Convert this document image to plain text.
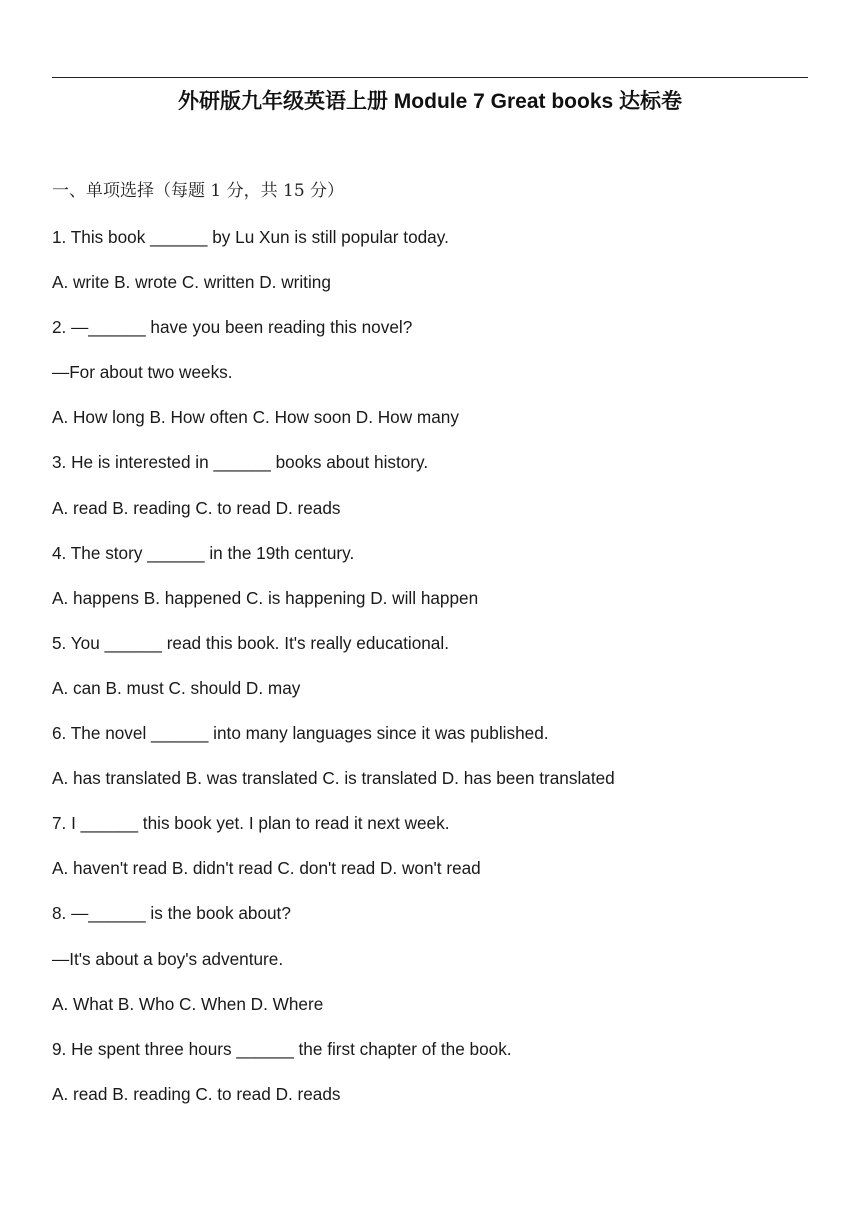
外研版九年级英语上册 Module 7 Great books 达标卷
一、单项选择（每题 1 分，共 15 分）
1. This book ______ by Lu Xun is still popular today.
A. write B. wrote C. written D. writing
2. —______ have you been reading this novel?
—For about two weeks.
A. How long B. How often C. How soon D. How many
3. He is interested in ______ books about history.
A. read B. reading C. to read D. reads
4. The story ______ in the 19th century.
A. happens B. happened C. is happening D. will happen
5. You ______ read this book. It's really educational.
A. can B. must C. should D. may
6. The novel ______ into many languages since it was published.
A. has translated B. was translated C. is translated D. has been translated
7. I ______ this book yet. I plan to read it next week.
A. haven't read B. didn't read C. don't read D. won't read
8. —______ is the book about?
—It's about a boy's adventure.
A. What B. Who C. When D. Where
9. He spent three hours ______ the first chapter of the book.
A. read B. reading C. to read D. reads
